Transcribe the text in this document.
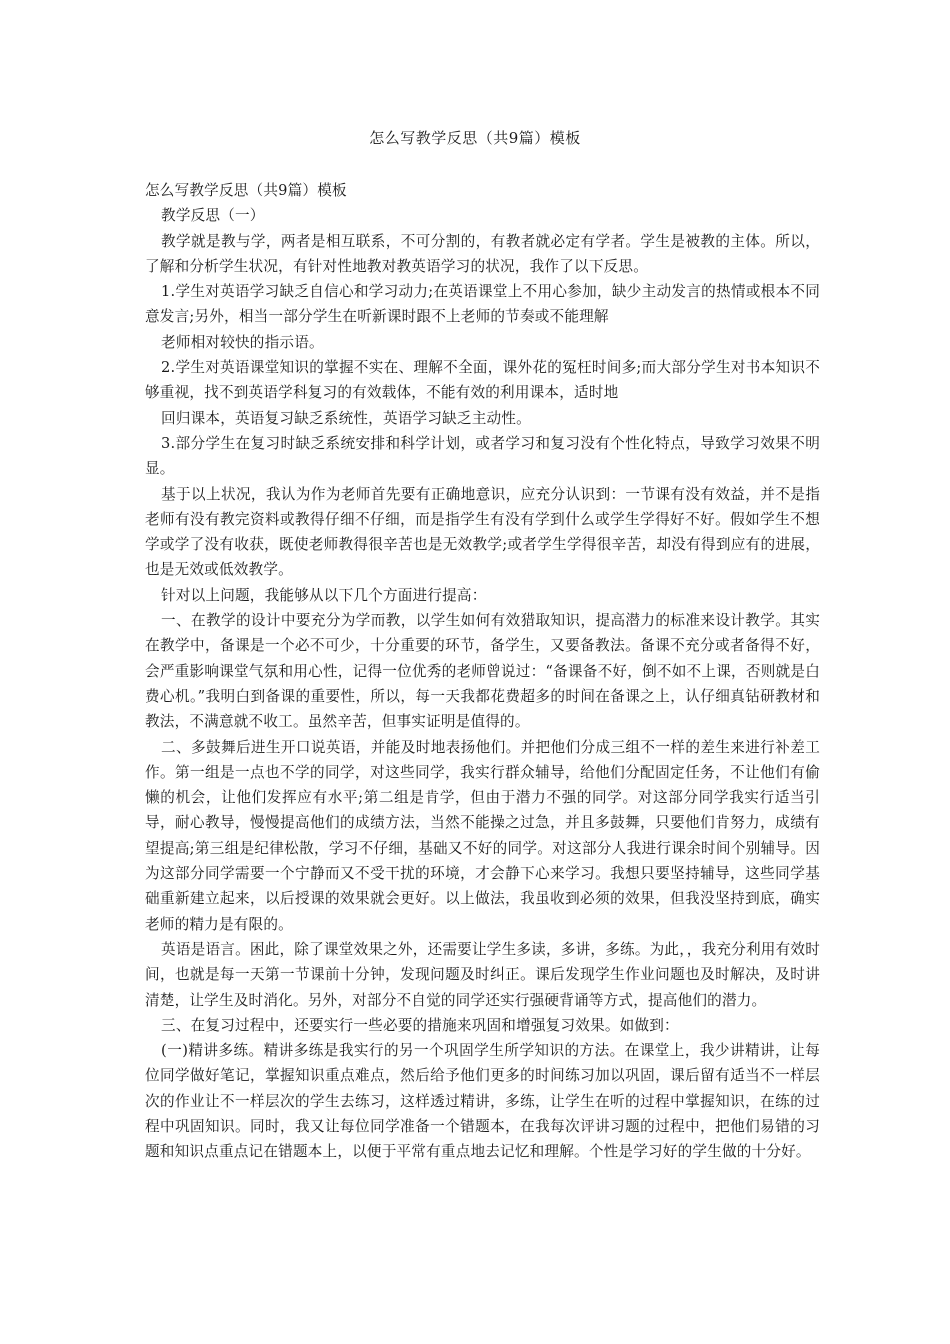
怎么写教学反思（共9篇）模板

怎么写教学反思（共9篇）模板

教学反思（一）

教学就是教与学，两者是相互联系，不可分割的，有教者就必定有学者。学生是被教的主体。所以，了解和分析学生状况，有针对性地教对教英语学习的状况，我作了以下反思。

1.学生对英语学习缺乏自信心和学习动力;在英语课堂上不用心参加，缺少主动发言的热情或根本不同意发言;另外，相当一部分学生在听新课时跟不上老师的节奏或不能理解

老师相对较快的指示语。

2.学生对英语课堂知识的掌握不实在、理解不全面，课外花的冤枉时间多;而大部分学生对书本知识不够重视，找不到英语学科复习的有效载体，不能有效的利用课本，适时地

回归课本，英语复习缺乏系统性，英语学习缺乏主动性。

3.部分学生在复习时缺乏系统安排和科学计划，或者学习和复习没有个性化特点，导致学习效果不明显。

基于以上状况，我认为作为老师首先要有正确地意识，应充分认识到：一节课有没有效益，并不是指老师有没有教完资料或教得仔细不仔细，而是指学生有没有学到什么或学生学得好不好。假如学生不想学或学了没有收获，既使老师教得很辛苦也是无效教学;或者学生学得很辛苦，却没有得到应有的进展，也是无效或低效教学。

针对以上问题，我能够从以下几个方面进行提高：

一、在教学的设计中要充分为学而教，以学生如何有效猎取知识，提高潜力的标准来设计教学。其实在教学中，备课是一个必不可少，十分重要的环节，备学生，又要备教法。备课不充分或者备得不好，会严重影响课堂气氛和用心性，记得一位优秀的老师曾说过：“备课备不好，倒不如不上课，否则就是白费心机。”我明白到备课的重要性，所以，每一天我都花费超多的时间在备课之上，认仔细真钻研教材和教法，不满意就不收工。虽然辛苦，但事实证明是值得的。

二、多鼓舞后进生开口说英语，并能及时地表扬他们。并把他们分成三组不一样的差生来进行补差工作。第一组是一点也不学的同学，对这些同学，我实行群众辅导，给他们分配固定任务，不让他们有偷懒的机会，让他们发挥应有水平;第二组是肯学，但由于潜力不强的同学。对这部分同学我实行适当引导，耐心教导，慢慢提高他们的成绩方法，当然不能操之过急，并且多鼓舞，只要他们肯努力，成绩有望提高;第三组是纪律松散，学习不仔细，基础又不好的同学。对这部分人我进行课余时间个别辅导。因为这部分同学需要一个宁静而又不受干扰的环境，才会静下心来学习。我想只要坚持辅导，这些同学基础重新建立起来，以后授课的效果就会更好。以上做法，我虽收到必须的效果，但我没坚持到底，确实老师的精力是有限的。

英语是语言。困此，除了课堂效果之外，还需要让学生多读，多讲，多练。为此，，我充分利用有效时间，也就是每一天第一节课前十分钟，发现问题及时纠正。课后发现学生作业问题也及时解决，及时讲清楚，让学生及时消化。另外，对部分不自觉的同学还实行强硬背诵等方式，提高他们的潜力。

三、在复习过程中，还要实行一些必要的措施来巩固和增强复习效果。如做到：

(一)精讲多练。精讲多练是我实行的另一个巩固学生所学知识的方法。在课堂上，我少讲精讲，让每位同学做好笔记，掌握知识重点难点，然后给予他们更多的时间练习加以巩固，课后留有适当不一样层次的作业让不一样层次的学生去练习，这样透过精讲，多练，让学生在听的过程中掌握知识，在练的过程中巩固知识。同时，我又让每位同学准备一个错题本，在我每次评讲习题的过程中，把他们易错的习题和知识点重点记在错题本上，以便于平常有重点地去记忆和理解。个性是学习好的学生做的十分好。
